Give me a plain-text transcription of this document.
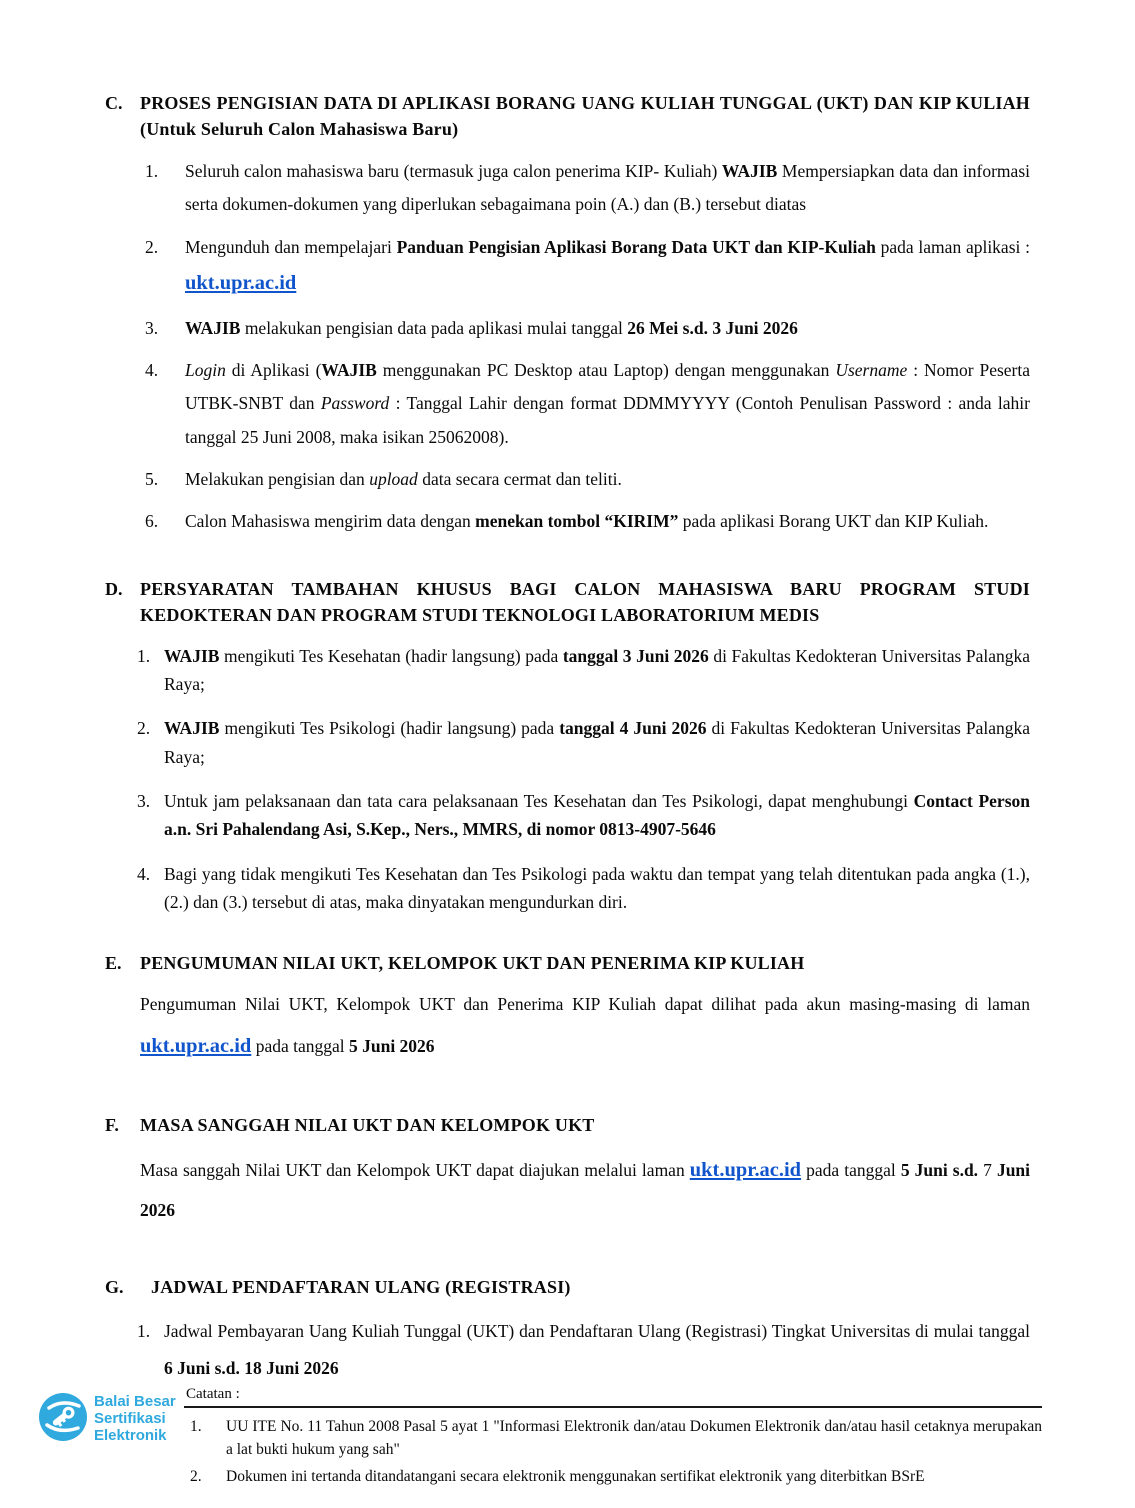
C. PROSES PENGISIAN DATA DI APLIKASI BORANG UANG KULIAH TUNGGAL (UKT) DAN KIP KULIAH (Untuk Seluruh Calon Mahasiswa Baru)
1.	Seluruh calon mahasiswa baru (termasuk juga calon penerima KIP- Kuliah) WAJIB Mempersiapkan data dan informasi serta dokumen-dokumen yang diperlukan sebagaimana poin (A.) dan (B.) tersebut diatas
2.	Mengunduh dan mempelajari Panduan Pengisian Aplikasi Borang Data UKT dan KIP-Kuliah pada laman aplikasi : ukt.upr.ac.id
3.	WAJIB melakukan pengisian data pada aplikasi mulai tanggal 26 Mei s.d. 3 Juni 2026
4.	Login di Aplikasi (WAJIB menggunakan PC Desktop atau Laptop) dengan menggunakan Username : Nomor Peserta UTBK-SNBT dan Password : Tanggal Lahir dengan format DDMMYYYY (Contoh Penulisan Password : anda lahir tanggal 25 Juni 2008, maka isikan 25062008).
5.	Melakukan pengisian dan upload data secara cermat dan teliti.
6.	Calon Mahasiswa mengirim data dengan menekan tombol “KIRIM” pada aplikasi Borang UKT dan KIP Kuliah.
D. PERSYARATAN TAMBAHAN KHUSUS BAGI CALON MAHASISWA BARU PROGRAM STUDI KEDOKTERAN DAN PROGRAM STUDI TEKNOLOGI LABORATORIUM MEDIS
1. WAJIB mengikuti Tes Kesehatan (hadir langsung) pada tanggal 3 Juni 2026 di Fakultas Kedokteran Universitas Palangka Raya;
2. WAJIB mengikuti Tes Psikologi (hadir langsung) pada tanggal 4 Juni 2026 di Fakultas Kedokteran Universitas Palangka Raya;
3. Untuk jam pelaksanaan dan tata cara pelaksanaan Tes Kesehatan dan Tes Psikologi, dapat menghubungi Contact Person a.n. Sri Pahalendang Asi, S.Kep., Ners., MMRS, di nomor 0813-4907-5646
4. Bagi yang tidak mengikuti Tes Kesehatan dan Tes Psikologi pada waktu dan tempat yang telah ditentukan pada angka (1.), (2.) dan (3.) tersebut di atas, maka dinyatakan mengundurkan diri.
E.	PENGUMUMAN NILAI UKT, KELOMPOK UKT DAN PENERIMA KIP KULIAH
Pengumuman Nilai UKT, Kelompok UKT dan Penerima KIP Kuliah dapat dilihat pada akun masing-masing di laman ukt.upr.ac.id pada tanggal 5 Juni 2026
F.	MASA SANGGAH NILAI UKT DAN KELOMPOK UKT
Masa sanggah Nilai UKT dan Kelompok UKT dapat diajukan melalui laman ukt.upr.ac.id pada tanggal 5 Juni s.d. 7 Juni 2026
G.	JADWAL PENDAFTARAN ULANG (REGISTRASI)
1. Jadwal Pembayaran Uang Kuliah Tunggal (UKT) dan Pendaftaran Ulang (Registrasi) Tingkat Universitas di mulai tanggal 6 Juni s.d. 18 Juni 2026
Balai Besar
Sertifikasi
Elektronik
Catatan :
1.	UU ITE No. 11 Tahun 2008 Pasal 5 ayat 1 "Informasi Elektronik dan/atau Dokumen Elektronik dan/atau hasil cetaknya merupakan a lat bukti hukum yang sah"
2.	Dokumen ini tertanda ditandatangani secara elektronik menggunakan sertifikat elektronik yang diterbitkan BSrE
